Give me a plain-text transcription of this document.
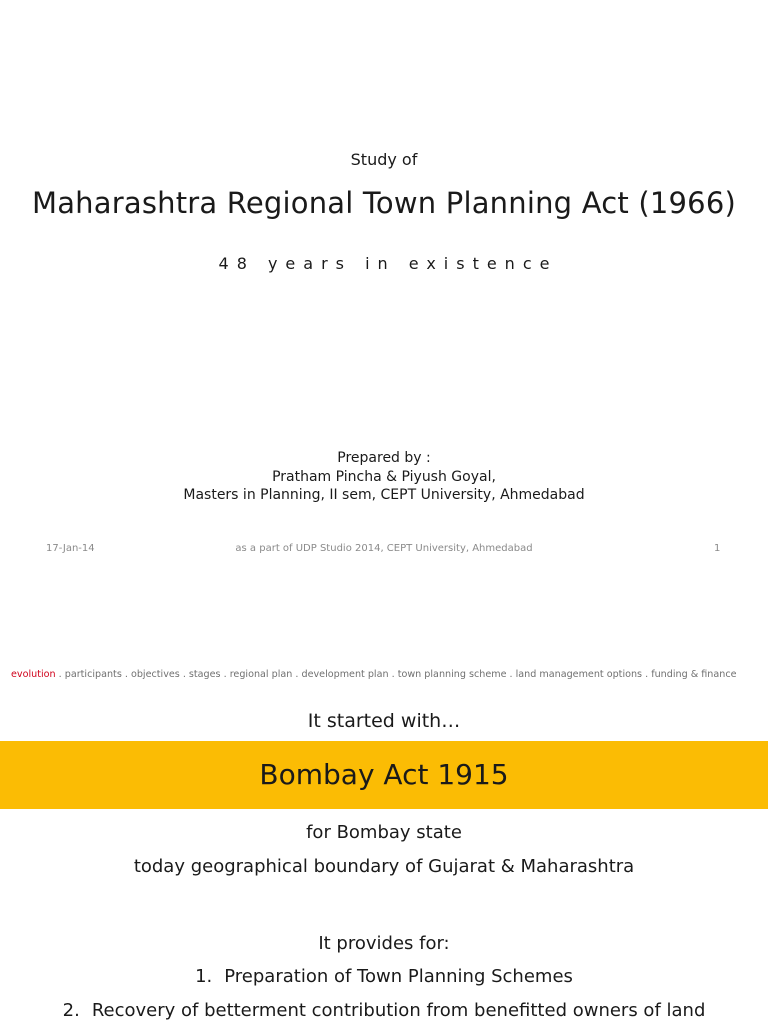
Study of
Maharashtra Regional Town Planning Act (1966)
48 years in existence
Prepared by :
Pratham Pincha & Piyush Goyal,
Masters in Planning, II sem, CEPT University, Ahmedabad
17-Jan-14	as a part of UDP Studio 2014, CEPT University, Ahmedabad	1
evolution . participants . objectives . stages . regional plan . development plan . town planning scheme . land management options . funding & finance
It started with…
Bombay Act 1915
for Bombay state
today geographical boundary of Gujarat & Maharashtra
It provides for:
1. Preparation of Town Planning Schemes
2. Recovery of betterment contribution from benefitted owners of land
